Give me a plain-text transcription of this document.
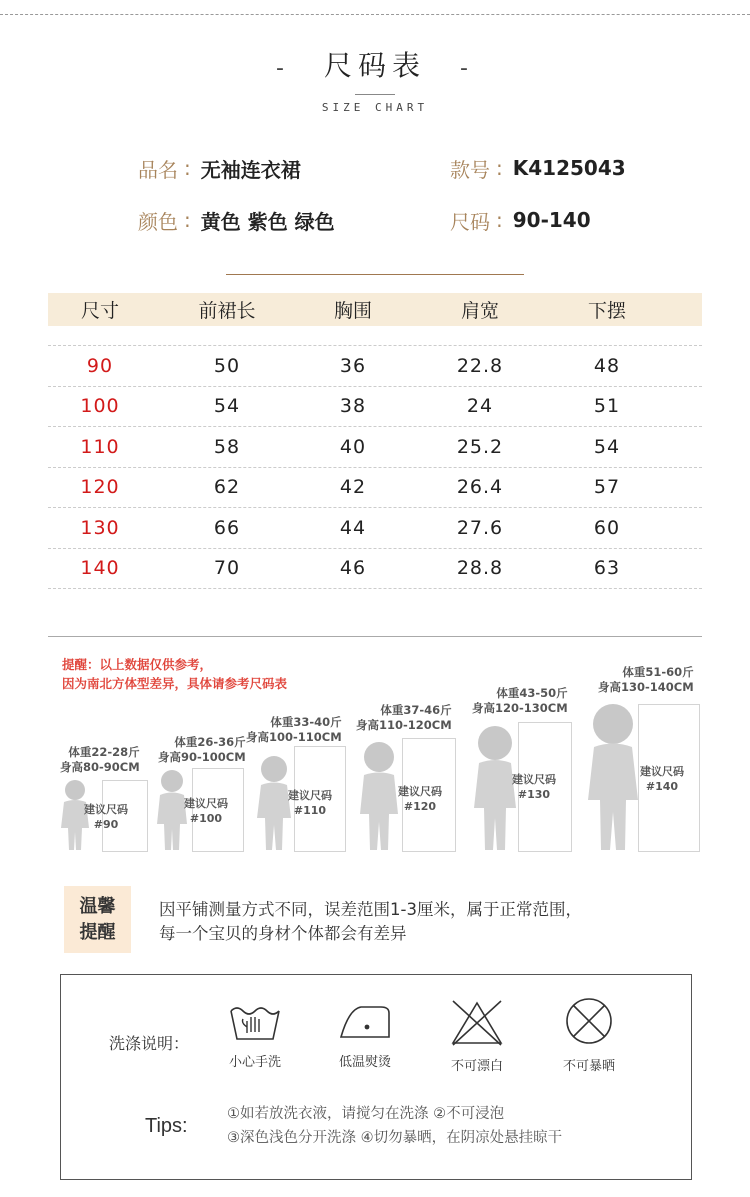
- 尺码表 -
SIZE CHART
品名 : 无袖连衣裙	款号 : K4125043
颜色 : 黄色 紫色 绿色	尺码 : 90-140
尺寸	前裙长	胸围	肩宽	下摆
90	50	36	22.8	48
100	54	38	24	51
110	58	40	25.2	54
120	62	42	26.4	57
130	66	44	27.6	60
140	70	46	28.8	63
提醒：以上数据仅供参考，
因为南北方体型差异，具体请参考尺码表
体重22-28斤
身高80-90CM
建议尺码
#90
体重26-36斤
身高90-100CM
建议尺码
#100
体重33-40斤
身高100-110CM
建议尺码
#110
体重37-46斤
身高110-120CM
建议尺码
#120
体重43-50斤
身高120-130CM
建议尺码
#130
体重51-60斤
身高130-140CM
建议尺码
#140
温馨
提醒
因平铺测量方式不同，误差范围1-3厘米，属于正常范围，
每一个宝贝的身材个体都会有差异
洗涤说明：
小心手洗	低温熨烫	不可漂白	不可暴晒
Tips:
①如若放洗衣液，请搅匀在洗涤 ②不可浸泡
③深色浅色分开洗涤 ④切勿暴晒，在阴凉处悬挂晾干
